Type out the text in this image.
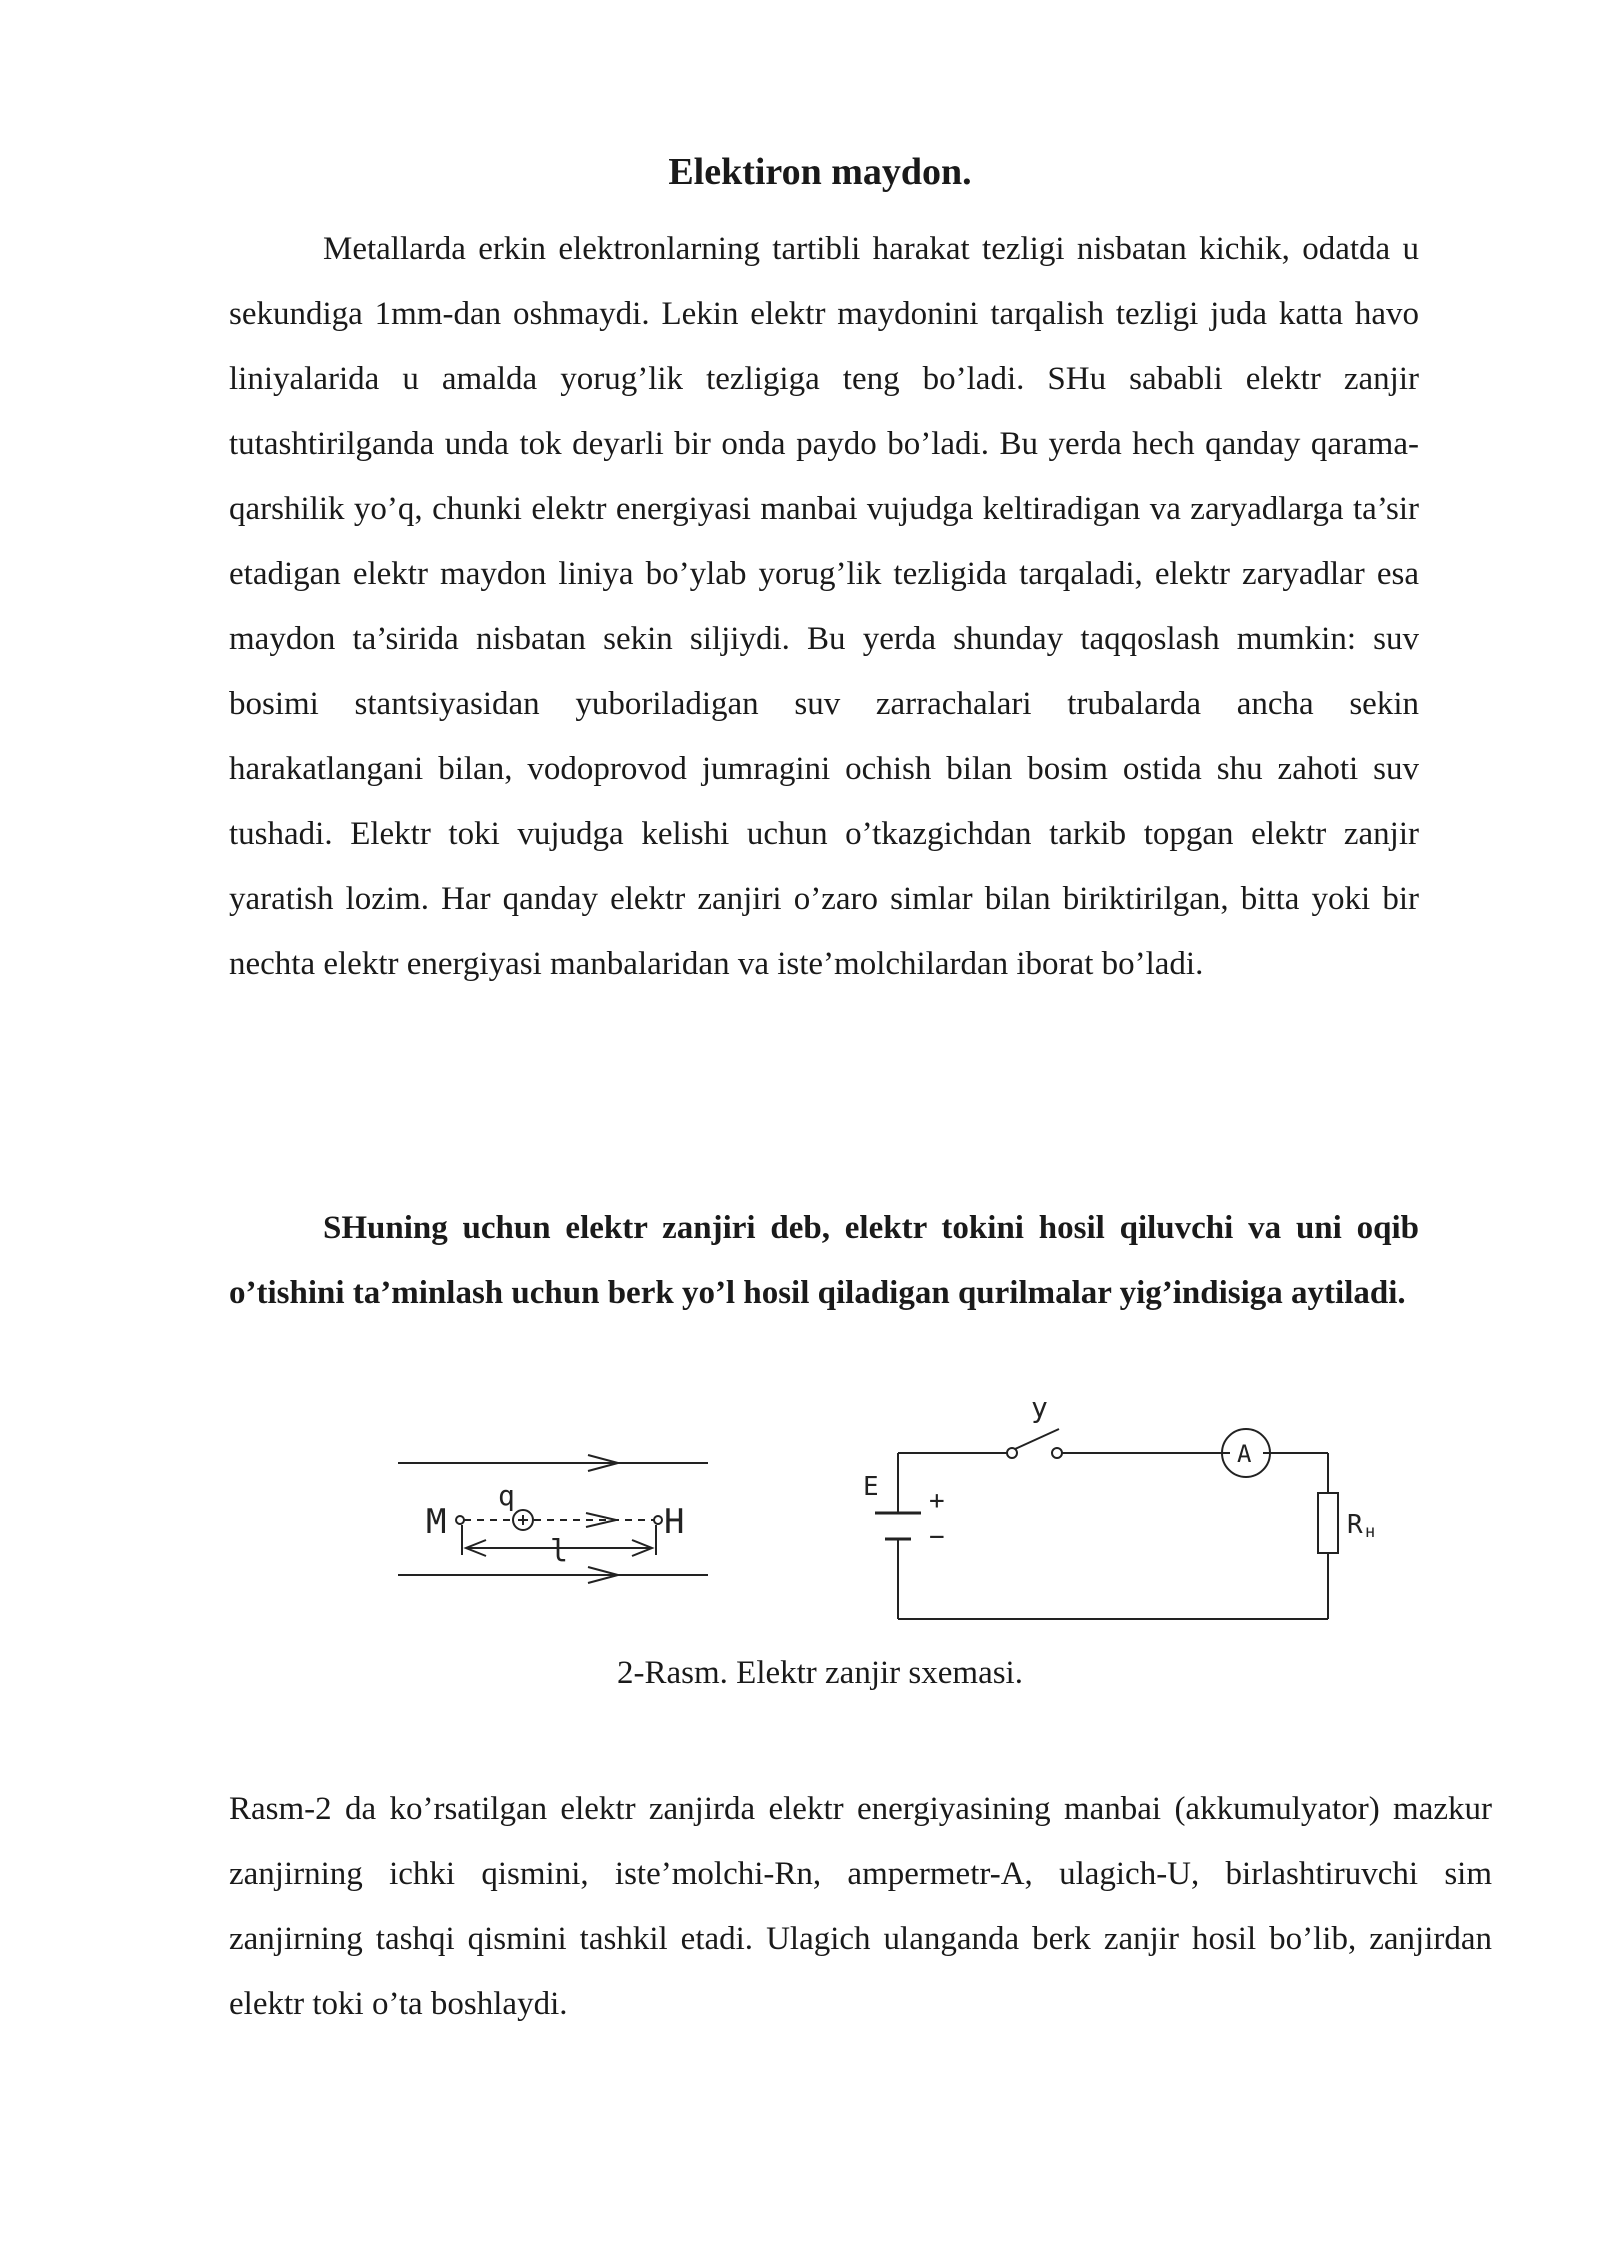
Elektiron maydon.

Metallarda erkin elektronlarning tartibli harakat tezligi nisbatan kichik, odatda u sekundiga 1mm-dan oshmaydi. Lekin elektr maydonini tarqalish tezligi juda katta havo liniyalarida u amalda yorug’lik tezligiga teng bo’ladi. SHu sababli elektr zanjir tutashtirilganda unda tok deyarli bir onda paydo bo’ladi. Bu yerda hech qanday qarama-qarshilik yo’q, chunki elektr energiyasi manbai vujudga keltiradigan va zaryadlarga ta’sir etadigan elektr maydon liniya bo’ylab yorug’lik tezligida tarqaladi, elektr zaryadlar esa maydon ta’sirida nisbatan sekin siljiydi. Bu yerda shunday taqqoslash mumkin: suv bosimi stantsiyasidan yuboriladigan suv zarrachalari trubalarda ancha sekin harakatlangani bilan, vodoprovod jumragini ochish bilan bosim ostida shu zahoti suv tushadi. Elektr toki vujudga kelishi uchun o’tkazgichdan tarkib topgan elektr zanjir yaratish lozim. Har qanday elektr zanjiri o’zaro simlar bilan biriktirilgan, bitta yoki bir nechta elektr energiyasi manbalaridan va iste’molchilardan iborat bo’ladi.

SHuning uchun elektr zanjiri deb, elektr tokini hosil qiluvchi va uni oqib o’tishini ta’minlash uchun berk yo’l hosil qiladigan qurilmalar yig’indisiga aytiladi.

M
q
H
l
E +
−
y
A
R н
2-Rasm. Elektr zanjir sxemasi.

Rasm-2 da ko’rsatilgan elektr zanjirda elektr energiyasining manbai (akkumulyator) mazkur zanjirning ichki qismini, iste’molchi-Rn, ampermetr-A, ulagich-U, birlashtiruvchi sim zanjirning tashqi qismini tashkil etadi. Ulagich ulanganda berk zanjir hosil bo’lib, zanjirdan elektr toki o’ta boshlaydi.
